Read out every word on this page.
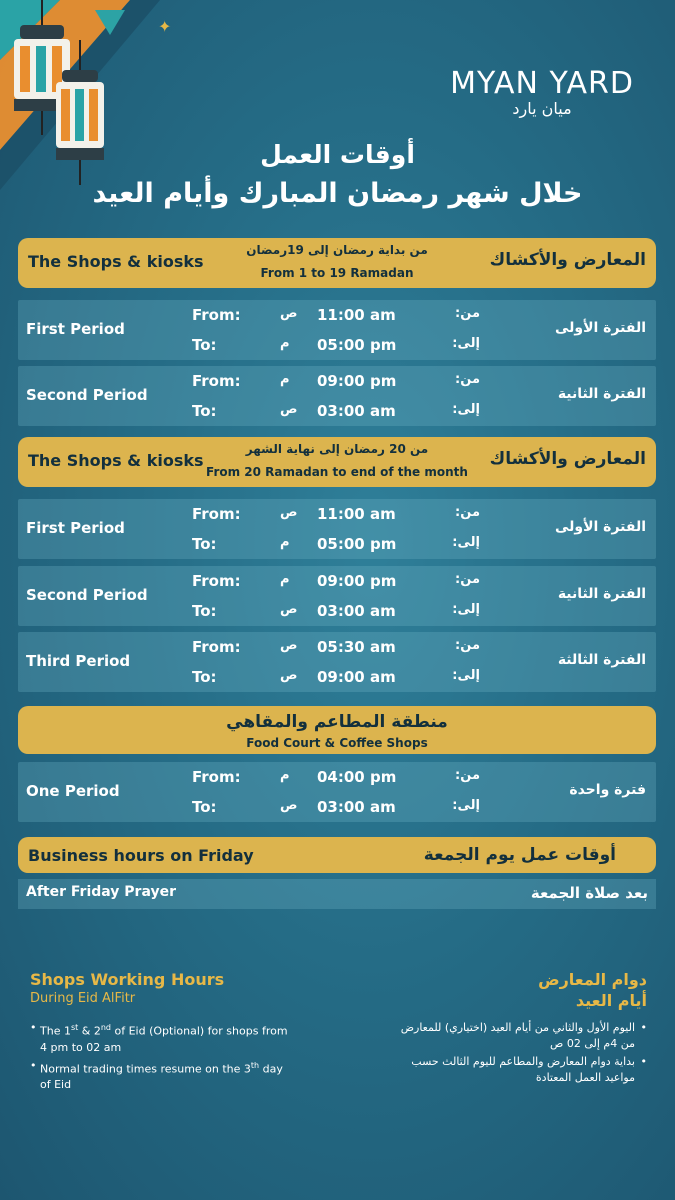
✦
MYAN YARD
ميان يارد
أوقات العمل
خلال شهر رمضان المبارك وأيام العيد
The Shops & kiosks
من بداية رمضان إلى 19رمضان
From 1 to 19 Ramadan
المعارض والأكشاك
First Period
From:	ص 11:00 am	من:
To:	م 05:00 pm	إلى:
الفترة الأولى
Second Period
From:	م 09:00 pm	من:
To:	ص 03:00 am	إلى:
الفترة الثانية
The Shops & kiosks
من 20 رمضان إلى نهاية الشهر
From 20 Ramadan to end of the month
المعارض والأكشاك
First Period
From:	ص 11:00 am	من:
To:	م 05:00 pm	إلى:
الفترة الأولى
Second Period
From:	م 09:00 pm	من:
To:	ص 03:00 am	إلى:
الفترة الثانية
Third Period
From:	ص 05:30 am	من:
To:	ص 09:00 am	إلى:
الفترة الثالثة
منطقة المطاعم والمقاهي
Food Court & Coffee Shops
One Period
From:	م 04:00 pm	من:
To:	ص 03:00 am	إلى:
فترة واحدة
Business hours on Friday	أوقات عمل يوم الجمعة
After Friday Prayer	بعد صلاة الجمعة
Shops Working Hours
During Eid AlFitr
• The 1st & 2nd of Eid (Optional) for shops from 4 pm to 02 am
• Normal trading times resume on the 3th day of Eid
دوام المعارض
أيام العيد
• اليوم الأول والثاني من أيام العيد (اختياري) للمعارض من 4م إلى 02 ص
• بداية دوام المعارض والمطاعم لليوم الثالث حسب مواعيد العمل المعتادة
